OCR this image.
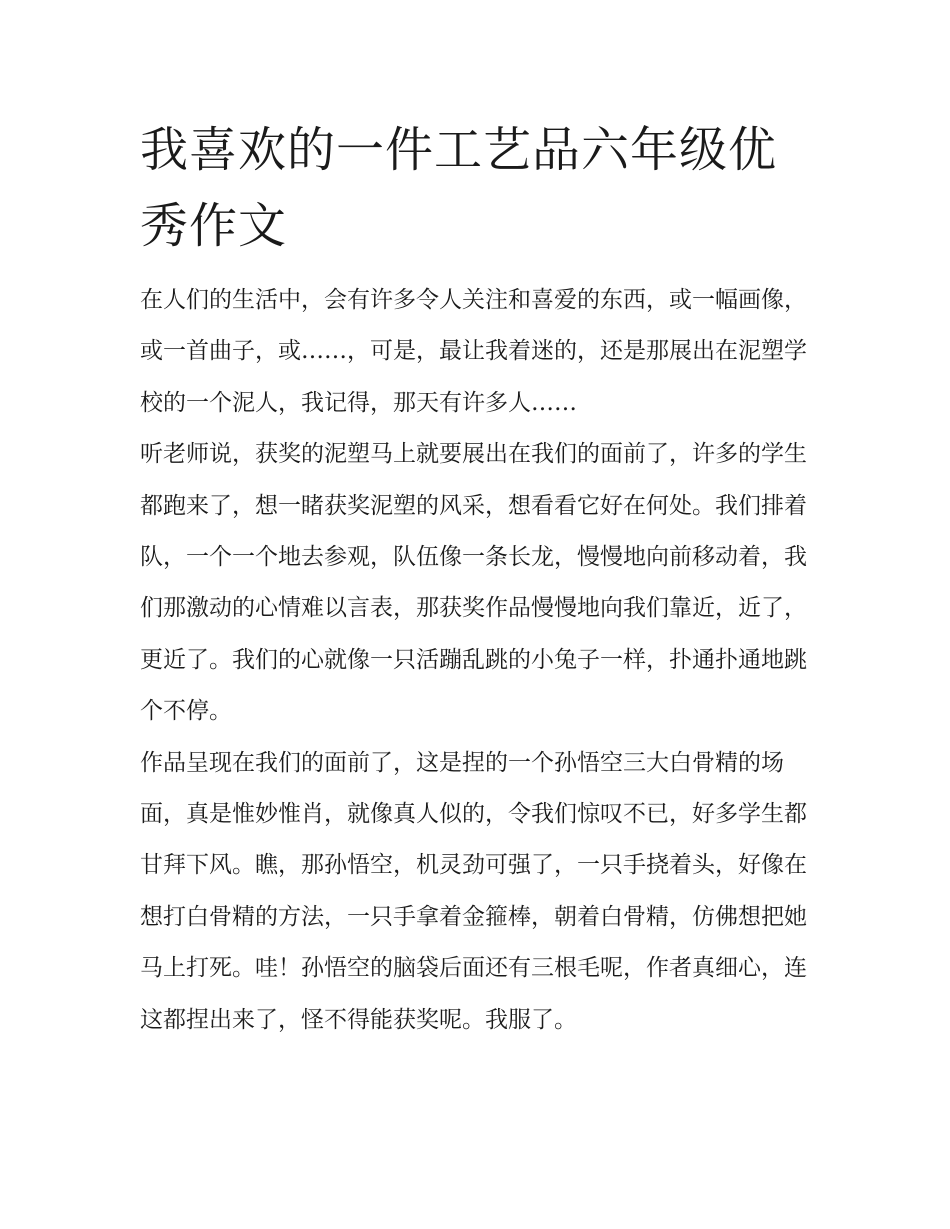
我喜欢的一件工艺品六年级优秀作文

在人们的生活中，会有许多令人关注和喜爱的东西，或一幅画像，或一首曲子，或……，可是，最让我着迷的，还是那展出在泥塑学校的一个泥人，我记得，那天有许多人……

听老师说，获奖的泥塑马上就要展出在我们的面前了，许多的学生都跑来了，想一睹获奖泥塑的风采，想看看它好在何处。我们排着队，一个一个地去参观，队伍像一条长龙，慢慢地向前移动着，我们那激动的心情难以言表，那获奖作品慢慢地向我们靠近，近了，更近了。我们的心就像一只活蹦乱跳的小兔子一样，扑通扑通地跳个不停。

作品呈现在我们的面前了，这是捏的一个孙悟空三大白骨精的场面，真是惟妙惟肖，就像真人似的，令我们惊叹不已，好多学生都甘拜下风。瞧，那孙悟空，机灵劲可强了，一只手挠着头，好像在想打白骨精的方法，一只手拿着金箍棒，朝着白骨精，仿佛想把她马上打死。哇！孙悟空的脑袋后面还有三根毛呢，作者真细心，连这都捏出来了，怪不得能获奖呢。我服了。
